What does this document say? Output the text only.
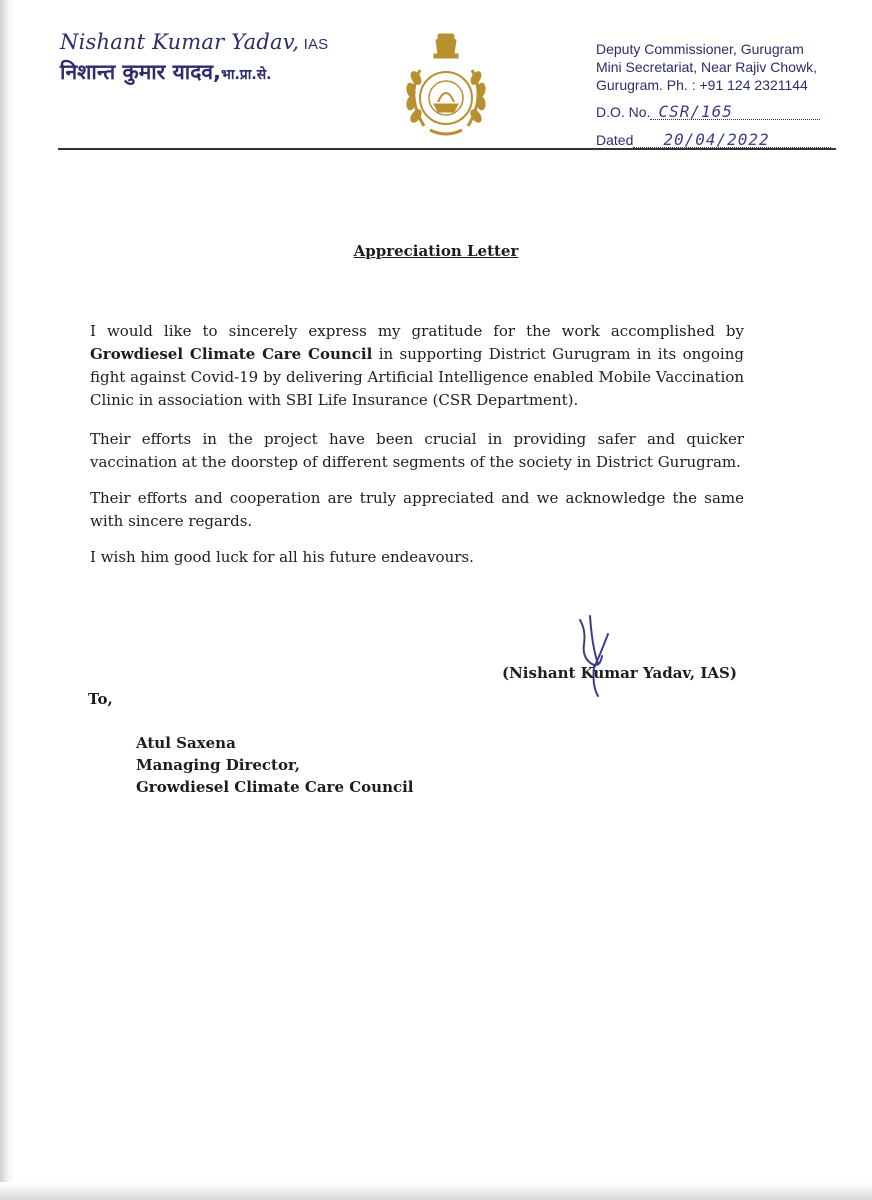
Nishant Kumar Yadav, IAS
निशान्त कुमार यादव,भा.प्रा.से.
Deputy Commissioner, Gurugram
Mini Secretariat, Near Rajiv Chowk,
Gurugram. Ph. : +91 124 2321144
D.O. No. CSR/165
Dated 20/04/2022
Appreciation Letter
I would like to sincerely express my gratitude for the work accomplished by Growdiesel Climate Care Council in supporting District Gurugram in its ongoing fight against Covid-19 by delivering Artificial Intelligence enabled Mobile Vaccination Clinic in association with SBI Life Insurance (CSR Department).
Their efforts in the project have been crucial in providing safer and quicker vaccination at the doorstep of different segments of the society in District Gurugram.
Their efforts and cooperation are truly appreciated and we acknowledge the same with sincere regards.
I wish him good luck for all his future endeavours.
(Nishant Kumar Yadav, IAS)
To,
Atul Saxena
Managing Director,
Growdiesel Climate Care Council
